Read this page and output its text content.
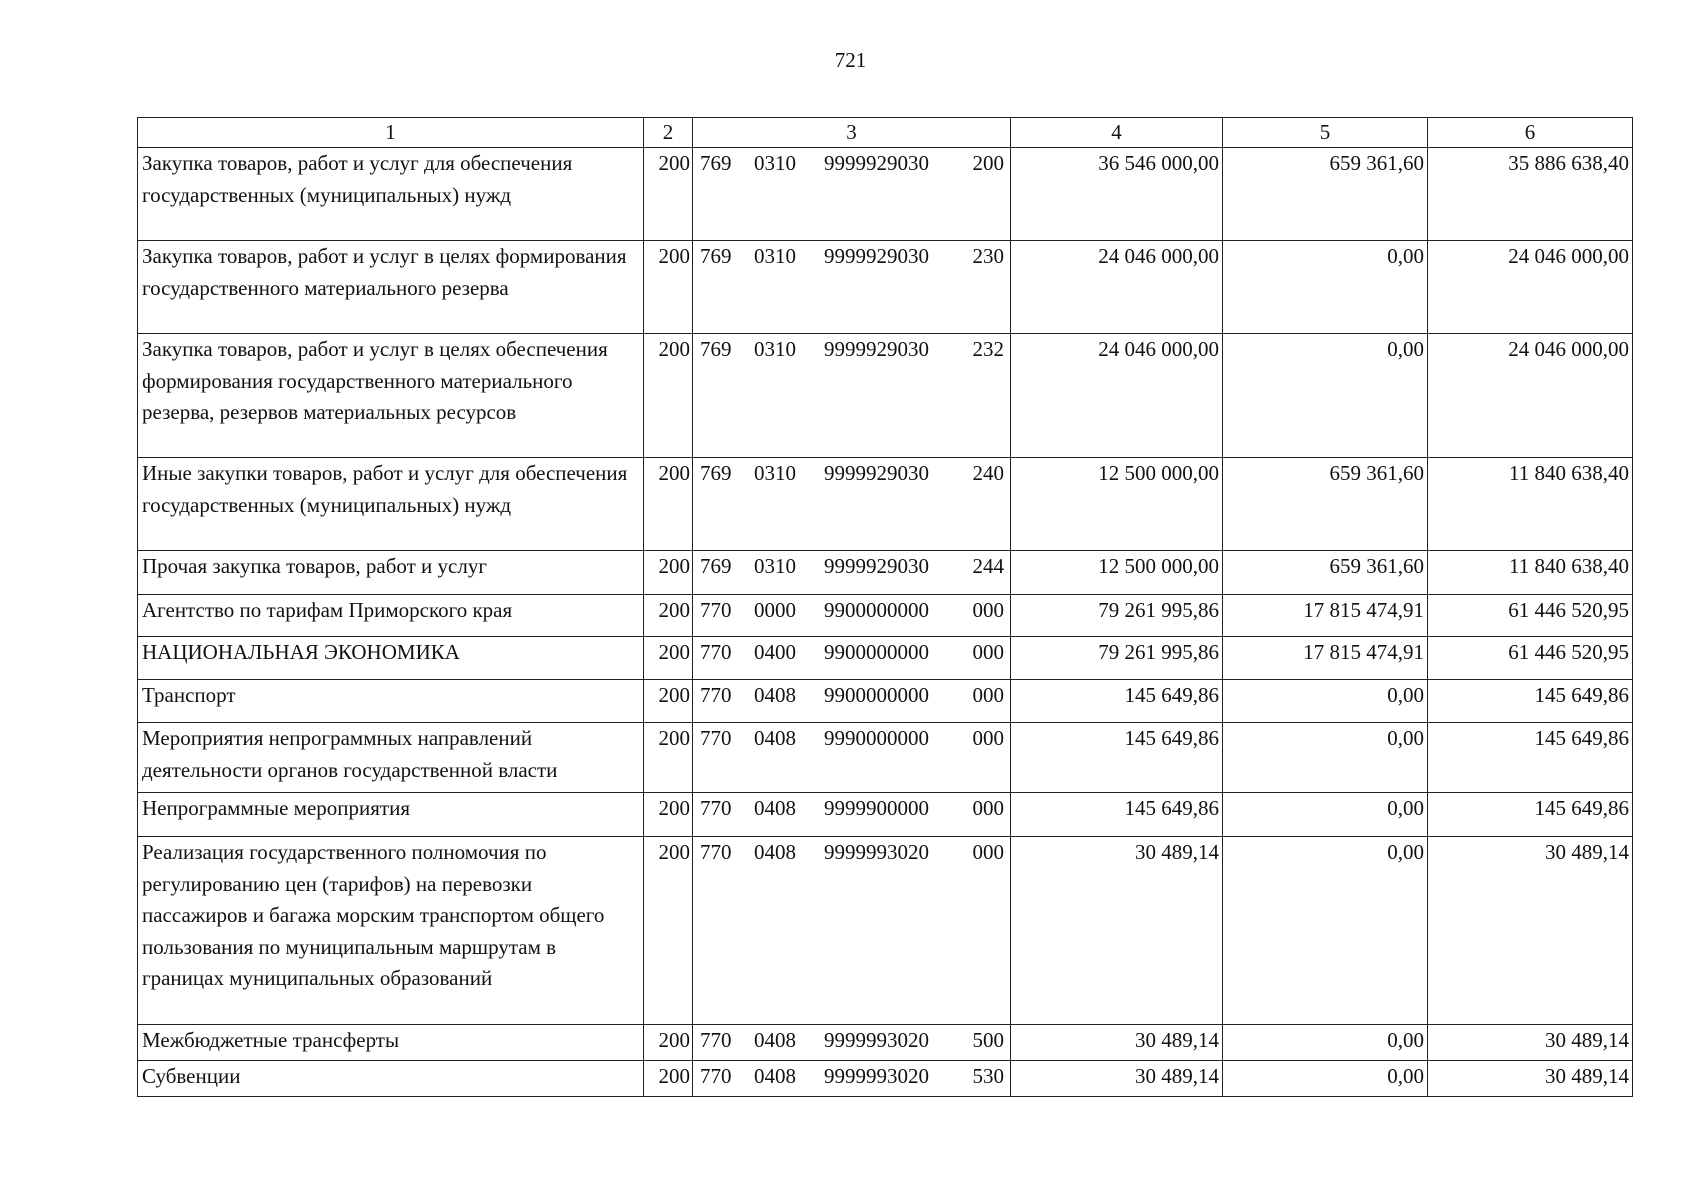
721
1	2	3	4	5	6
Закупка товаров, работ и услуг для обеспечения государственных (муниципальных) нужд	200	769 0310 9999929030 200	36 546 000,00	659 361,60	35 886 638,40
Закупка товаров, работ и услуг в целях формирования государственного материального резерва	200	769 0310 9999929030 230	24 046 000,00	0,00	24 046 000,00
Закупка товаров, работ и услуг в целях обеспечения формирования государственного материального резерва, резервов материальных ресурсов	200	769 0310 9999929030 232	24 046 000,00	0,00	24 046 000,00
Иные закупки товаров, работ и услуг для обеспечения государственных (муниципальных) нужд	200	769 0310 9999929030 240	12 500 000,00	659 361,60	11 840 638,40
Прочая закупка товаров, работ и услуг	200	769 0310 9999929030 244	12 500 000,00	659 361,60	11 840 638,40
Агентство по тарифам Приморского края	200	770 0000 9900000000 000	79 261 995,86	17 815 474,91	61 446 520,95
НАЦИОНАЛЬНАЯ ЭКОНОМИКА	200	770 0400 9900000000 000	79 261 995,86	17 815 474,91	61 446 520,95
Транспорт	200	770 0408 9900000000 000	145 649,86	0,00	145 649,86
Мероприятия непрограммных направлений деятельности органов государственной власти	200	770 0408 9990000000 000	145 649,86	0,00	145 649,86
Непрограммные мероприятия	200	770 0408 9999900000 000	145 649,86	0,00	145 649,86
Реализация государственного полномочия по регулированию цен (тарифов) на перевозки пассажиров и багажа морским транспортом общего пользования по муниципальным маршрутам в границах муниципальных образований	200	770 0408 9999993020 000	30 489,14	0,00	30 489,14
Межбюджетные трансферты	200	770 0408 9999993020 500	30 489,14	0,00	30 489,14
Субвенции	200	770 0408 9999993020 530	30 489,14	0,00	30 489,14
